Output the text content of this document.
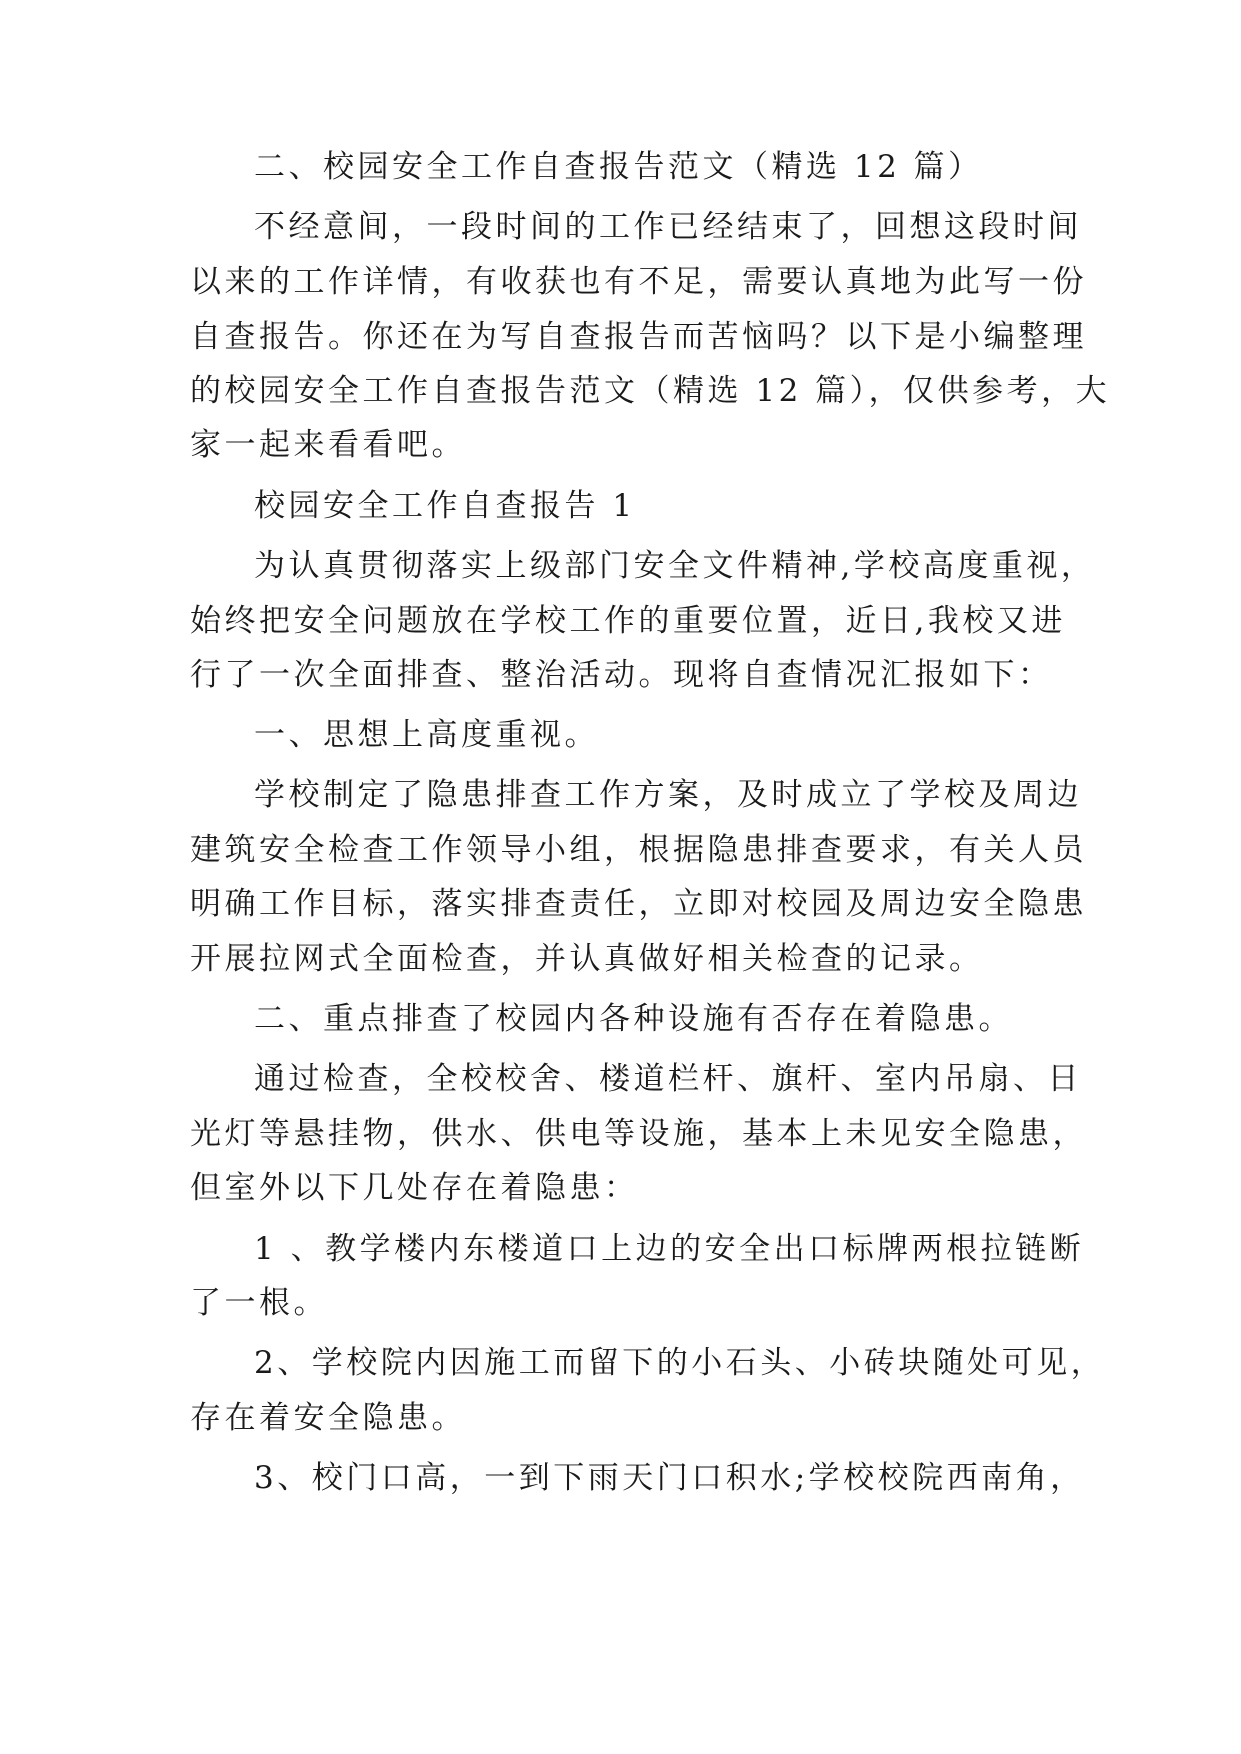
二、校园安全工作自查报告范文（精选 12 篇）
不经意间，一段时间的工作已经结束了，回想这段时间
以来的工作详情，有收获也有不足，需要认真地为此写一份
自查报告。你还在为写自查报告而苦恼吗？以下是小编整理
的校园安全工作自查报告范文（精选 12 篇），仅供参考，大
家一起来看看吧。
校园安全工作自查报告 1
为认真贯彻落实上级部门安全文件精神,学校高度重视，
始终把安全问题放在学校工作的重要位置，近日,我校又进
行了一次全面排查、整治活动。现将自查情况汇报如下：
一、思想上高度重视。
学校制定了隐患排查工作方案，及时成立了学校及周边
建筑安全检查工作领导小组，根据隐患排查要求，有关人员
明确工作目标，落实排查责任，立即对校园及周边安全隐患
开展拉网式全面检查，并认真做好相关检查的记录。
二、重点排查了校园内各种设施有否存在着隐患。
通过检查，全校校舍、楼道栏杆、旗杆、室内吊扇、日
光灯等悬挂物，供水、供电等设施，基本上未见安全隐患，
但室外以下几处存在着隐患：
1 、教学楼内东楼道口上边的安全出口标牌两根拉链断
了一根。
2、学校院内因施工而留下的小石头、小砖块随处可见，
存在着安全隐患。
3、校门口高，一到下雨天门口积水;学校校院西南角，
